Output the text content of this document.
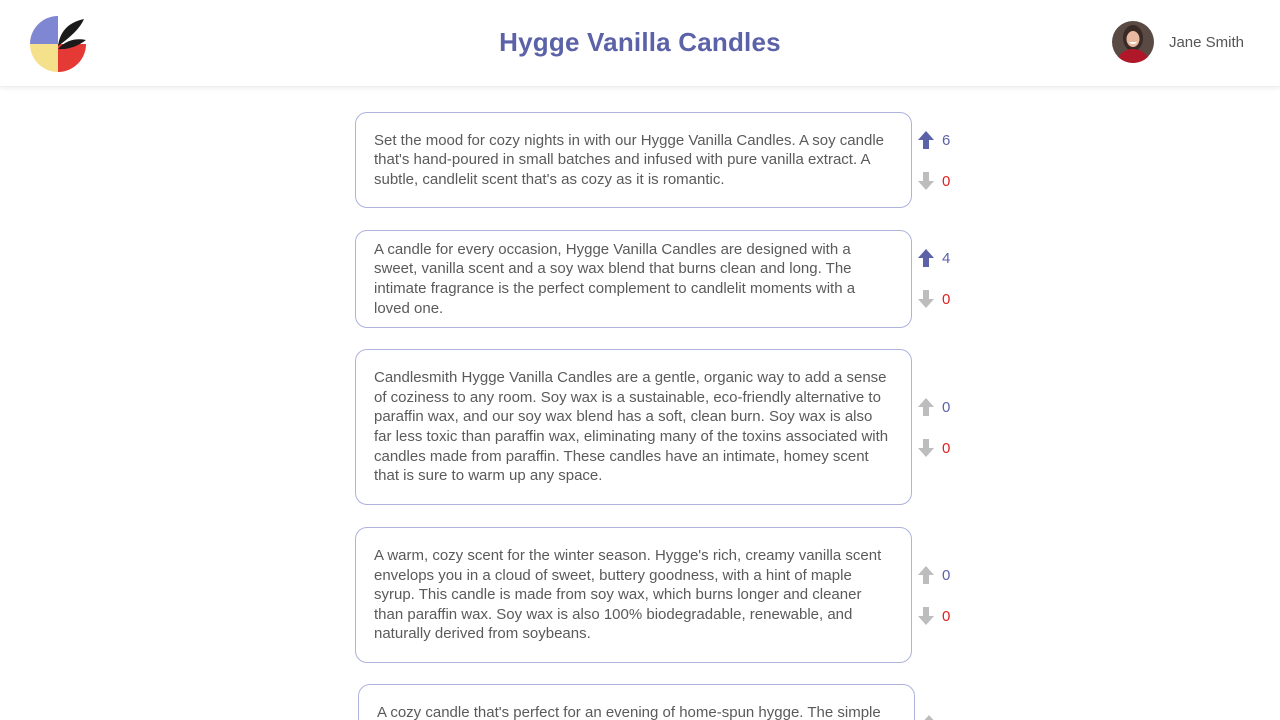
Hygge Vanilla Candles	Jane Smith
Set the mood for cozy nights in with our Hygge Vanilla Candles. A soy candle that's hand-poured in small batches and infused with pure vanilla extract. A subtle, candlelit scent that's as cozy as it is romantic.
6
0
A candle for every occasion, Hygge Vanilla Candles are designed with a sweet, vanilla scent and a soy wax blend that burns clean and long. The intimate fragrance is the perfect complement to candlelit moments with a loved one.
4
0
Candlesmith Hygge Vanilla Candles are a gentle, organic way to add a sense of coziness to any room. Soy wax is a sustainable, eco-friendly alternative to paraffin wax, and our soy wax blend has a soft, clean burn. Soy wax is also far less toxic than paraffin wax, eliminating many of the toxins associated with candles made from paraffin. These candles have an intimate, homey scent that is sure to warm up any space.
0
0
A warm, cozy scent for the winter season. Hygge's rich, creamy vanilla scent envelops you in a cloud of sweet, buttery goodness, with a hint of maple syrup. This candle is made from soy wax, which burns longer and cleaner than paraffin wax. Soy wax is also 100% biodegradable, renewable, and naturally derived from soybeans.
0
0
A cozy candle that's perfect for an evening of home-spun hygge. The simple
